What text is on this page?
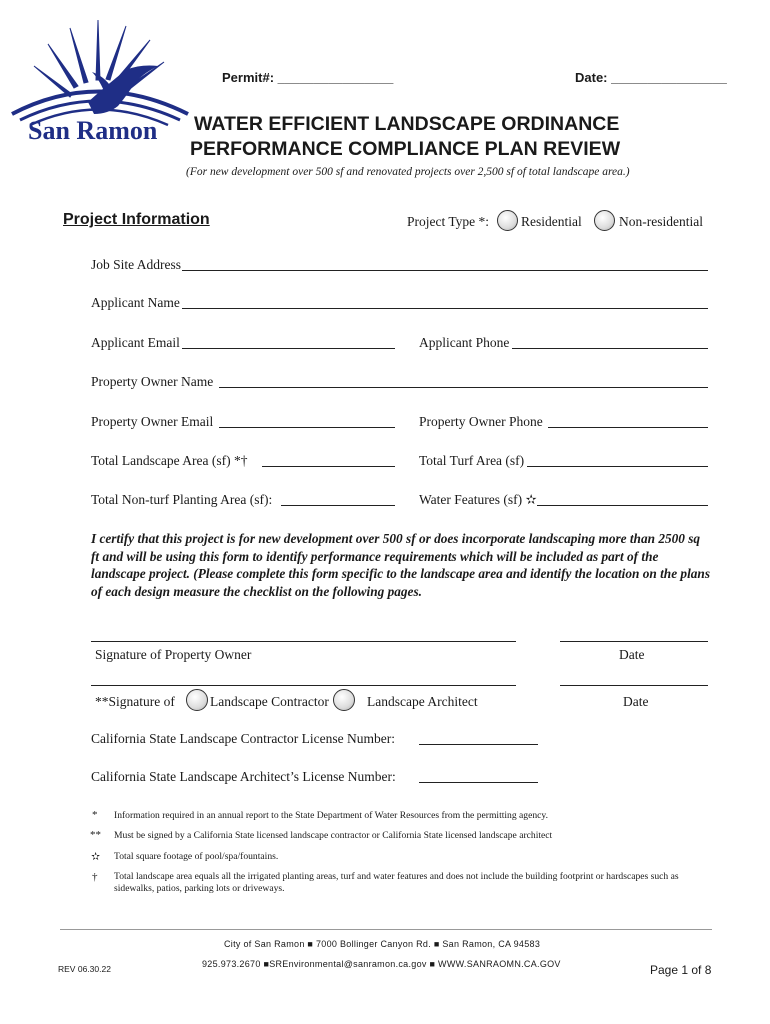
San Ramon
Permit#: ________________	Date: ________________
WATER EFFICIENT LANDSCAPE ORDINANCE
PERFORMANCE COMPLIANCE PLAN REVIEW
(For new development over 500 sf and renovated projects over 2,500 sf of total landscape area.)
Project Information	Project Type *: Residential	Non-residential
Job Site Address
Applicant Name
Applicant Email	Applicant Phone
Property Owner Name
Property Owner Email	Property Owner Phone
Total Landscape Area (sf) *†	Total Turf Area (sf)
Total Non-turf Planting Area (sf):	Water Features (sf) ✫
I certify that this project is for new development over 500 sf or does incorporate landscaping more than 2500 sq ft and will be using this form to identify performance requirements which will be included as part of the landscape project. (Please complete this form specific to the landscape area and identify the location on the plans of each design measure the checklist on the following pages.
Signature of Property Owner	Date
**Signature of	Landscape Contractor	Landscape Architect	Date
California State Landscape Contractor License Number:
California State Landscape Architect’s License Number:
* Information required in an annual report to the State Department of Water Resources from the permitting agency.
** Must be signed by a California State licensed landscape contractor or California State licensed landscape architect
✫ Total square footage of pool/spa/fountains.
† Total landscape area equals all the irrigated planting areas, turf and water features and does not include the building footprint or hardscapes such as sidewalks, patios, parking lots or driveways.
City of San Ramon ■ 7000 Bollinger Canyon Rd. ■ San Ramon, CA 94583
925.973.2670 ■SREnvironmental@sanramon.ca.gov ■ WWW.SANRAOMN.CA.GOV
REV 06.30.22	Page 1 of 8
